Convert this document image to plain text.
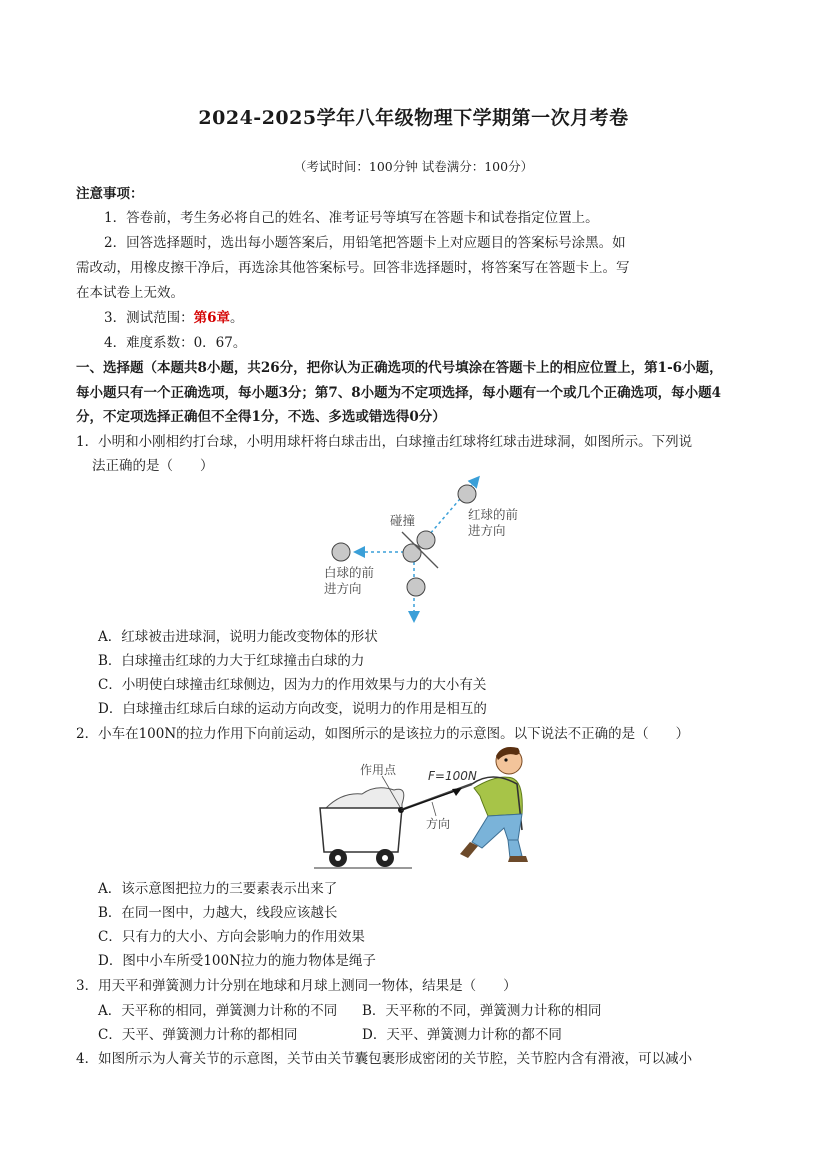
2024-2025学年八年级物理下学期第一次月考卷
（考试时间：100分钟 试卷满分：100分）
注意事项：
1．答卷前，考生务必将自己的姓名、准考证号等填写在答题卡和试卷指定位置上。
2．回答选择题时，选出每小题答案后，用铅笔把答题卡上对应题目的答案标号涂黑。如
需改动，用橡皮擦干净后，再选涂其他答案标号。回答非选择题时，将答案写在答题卡上。写
在本试卷上无效。
3．测试范围：第6章。
4．难度系数：0．67。
一、选择题（本题共8小题，共26分，把你认为正确选项的代号填涂在答题卡上的相应位置上，第1-6小题，
每小题只有一个正确选项，每小题3分；第7、8小题为不定项选择，每小题有一个或几个正确选项，每小题4
分，不定项选择正确但不全得1分，不选、多选或错选得0分）
1．小明和小刚相约打台球，小明用球杆将白球击出，白球撞击红球将红球击进球洞，如图所示。下列说
法正确的是（　　）
碰撞	红球的前
进方向
白球的前
进方向
A．红球被击进球洞，说明力能改变物体的形状
B．白球撞击红球的力大于红球撞击白球的力
C．小明使白球撞击红球侧边，因为力的作用效果与力的大小有关
D．白球撞击红球后白球的运动方向改变，说明力的作用是相互的
2．小车在100N的拉力作用下向前运动，如图所示的是该拉力的示意图。以下说法不正确的是（　　）
作用点	F=100N
方向
A．该示意图把拉力的三要素表示出来了
B．在同一图中，力越大，线段应该越长
C．只有力的大小、方向会影响力的作用效果
D．图中小车所受100N拉力的施力物体是绳子
3．用天平和弹簧测力计分别在地球和月球上测同一物体，结果是（　　）
A．天平称的相同，弹簧测力计称的不同 B．天平称的不同，弹簧测力计称的相同
C．天平、弹簧测力计称的都相同	D．天平、弹簧测力计称的都不同
4．如图所示为人膏关节的示意图，关节由关节囊包裹形成密闭的关节腔，关节腔内含有滑液，可以减小
